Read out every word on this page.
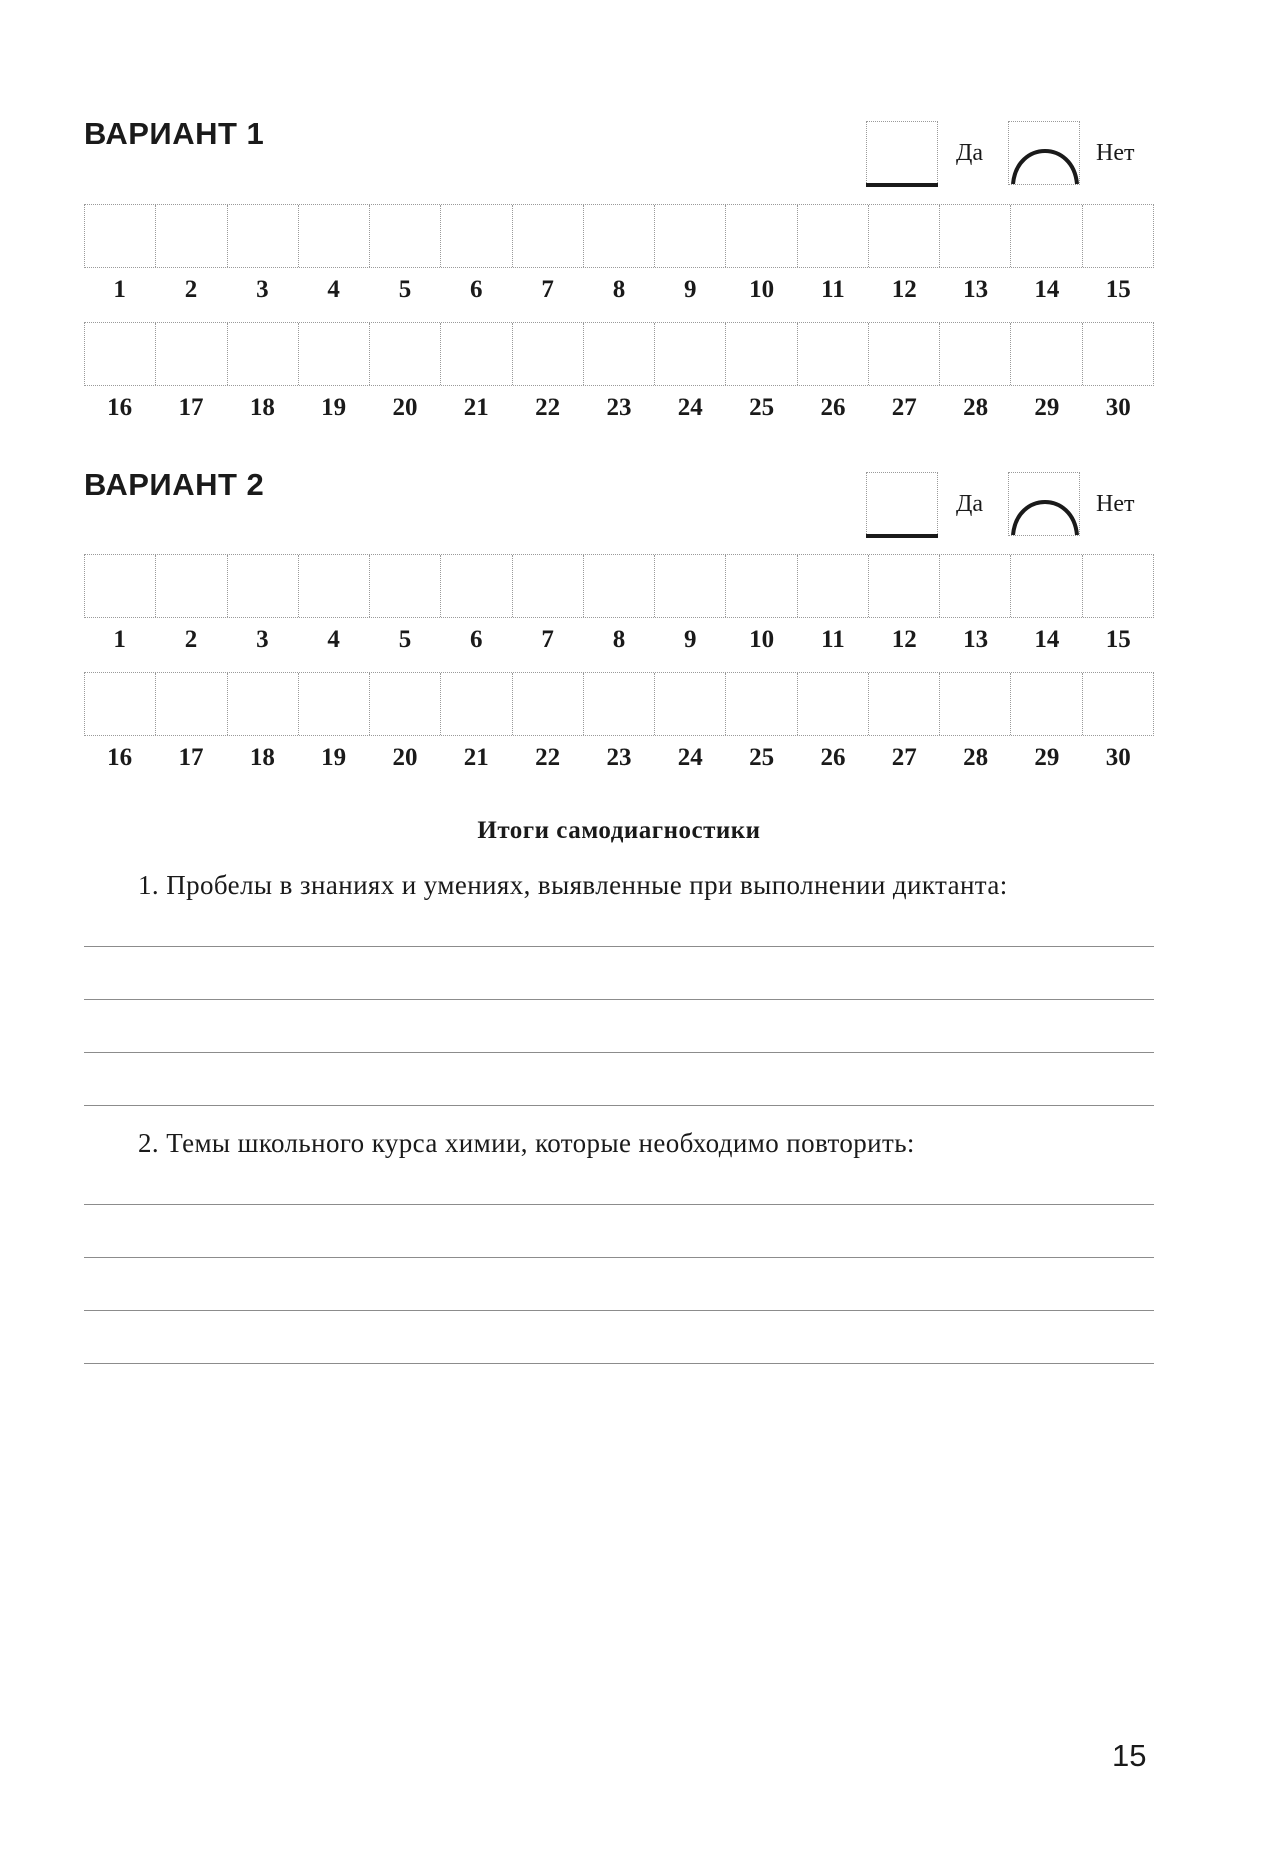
ВАРИАНТ 1
Да	Нет
1	2	3	4	5	6	7	8	9	10	11	12	13	14	15
16	17	18	19	20	21	22	23	24	25	26	27	28	29	30
ВАРИАНТ 2
Да	Нет
1	2	3	4	5	6	7	8	9	10	11	12	13	14	15
16	17	18	19	20	21	22	23	24	25	26	27	28	29	30
Итоги самодиагностики
1. Пробелы в знаниях и умениях, выявленные при выполнении диктанта:
2. Темы школьного курса химии, которые необходимо повторить:
15
